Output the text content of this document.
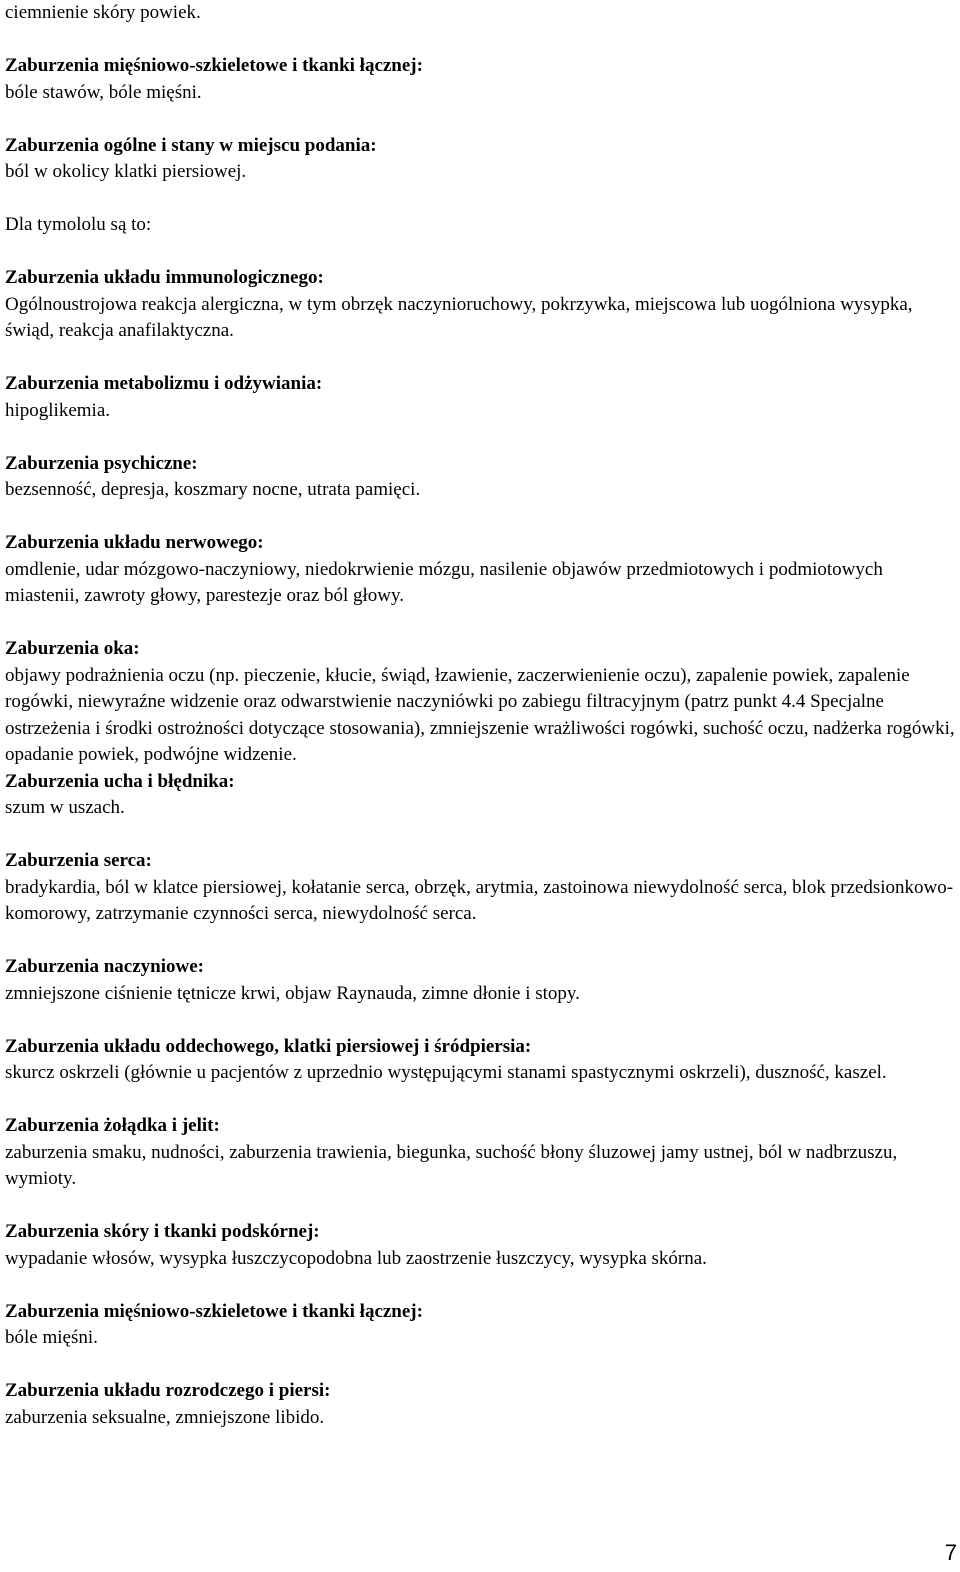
ciemnienie skóry powiek.
Zaburzenia mięśniowo-szkieletowe i tkanki łącznej:
bóle stawów, bóle mięśni.
Zaburzenia ogólne i stany w miejscu podania:
ból w okolicy klatki piersiowej.
Dla tymololu są to:
Zaburzenia układu immunologicznego:
Ogólnoustrojowa reakcja alergiczna, w tym obrzęk naczynioruchowy, pokrzywka, miejscowa lub uogólniona wysypka, świąd, reakcja anafilaktyczna.
Zaburzenia metabolizmu i odżywiania:
hipoglikemia.
Zaburzenia psychiczne:
bezsenność, depresja, koszmary nocne, utrata pamięci.
Zaburzenia układu nerwowego:
omdlenie, udar mózgowo-naczyniowy, niedokrwienie mózgu, nasilenie objawów przedmiotowych i podmiotowych miastenii, zawroty głowy, parestezje oraz ból głowy.
Zaburzenia oka:
objawy podrażnienia oczu (np. pieczenie, kłucie, świąd, łzawienie, zaczerwienienie oczu), zapalenie powiek, zapalenie rogówki, niewyraźne widzenie oraz odwarstwienie naczyniówki po zabiegu filtracyjnym (patrz punkt 4.4 Specjalne ostrzeżenia i środki ostrożności dotyczące stosowania), zmniejszenie wrażliwości rogówki, suchość oczu, nadżerka rogówki, opadanie powiek, podwójne widzenie.
Zaburzenia ucha i błędnika:
szum w uszach.
Zaburzenia serca:
bradykardia, ból w klatce piersiowej, kołatanie serca, obrzęk, arytmia, zastoinowa niewydolność serca, blok przedsionkowo-komorowy, zatrzymanie czynności serca, niewydolność serca.
Zaburzenia naczyniowe:
zmniejszone ciśnienie tętnicze krwi, objaw Raynauda, zimne dłonie i stopy.
Zaburzenia układu oddechowego, klatki piersiowej i śródpiersia:
skurcz oskrzeli (głównie u pacjentów z uprzednio występującymi stanami spastycznymi oskrzeli), duszność, kaszel.
Zaburzenia żołądka i jelit:
zaburzenia smaku, nudności, zaburzenia trawienia, biegunka, suchość błony śluzowej jamy ustnej, ból w nadbrzuszu, wymioty.
Zaburzenia skóry i tkanki podskórnej:
wypadanie włosów, wysypka łuszczycopodobna lub zaostrzenie łuszczycy, wysypka skórna.
Zaburzenia mięśniowo-szkieletowe i tkanki łącznej:
bóle mięśni.
Zaburzenia układu rozrodczego i piersi:
zaburzenia seksualne, zmniejszone libido.
7
